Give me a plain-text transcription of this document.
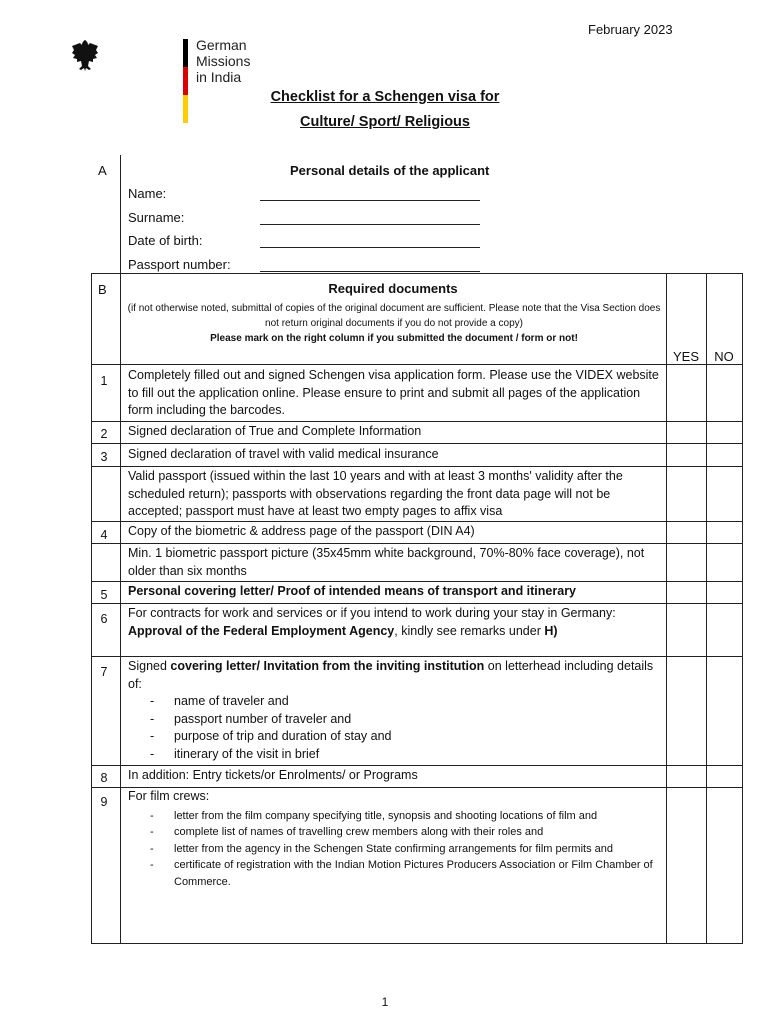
February 2023
German Missions
in India
Checklist for a Schengen visa for
Culture/ Sport/ Religious
A	Personal details of the applicant
Name:
Surname:
Date of birth:
Passport number:
B	Required documents
(if not otherwise noted, submittal of copies of the original document are sufficient. Please note that the Visa Section does not return original documents if you do not provide a copy)
Please mark on the right column if you submitted the document / form or not!
YES	NO
1	Completely filled out and signed Schengen visa application form. Please use the VIDEX website to fill out the application online. Please ensure to print and submit all pages of the application form including the barcodes.
2	Signed declaration of True and Complete Information
3	Signed declaration of travel with valid medical insurance
Valid passport (issued within the last 10 years and with at least 3 months' validity after the scheduled return); passports with observations regarding the front data page will not be accepted; passport must have at least two empty pages to affix visa
4	Copy of the biometric & address page of the passport (DIN A4)
Min. 1 biometric passport picture (35x45mm white background, 70%-80% face coverage), not older than six months
5	Personal covering letter/ Proof of intended means of transport and itinerary
6	For contracts for work and services or if you intend to work during your stay in Germany: Approval of the Federal Employment Agency, kindly see remarks under H)
7	Signed covering letter/ Invitation from the inviting institution on letterhead including details of:
- name of traveler and
- passport number of traveler and
- purpose of trip and duration of stay and
- itinerary of the visit in brief
8	In addition: Entry tickets/or Enrolments/ or Programs
9	For film crews:
- letter from the film company specifying title, synopsis and shooting locations of film and
- complete list of names of travelling crew members along with their roles and
- letter from the agency in the Schengen State confirming arrangements for film permits and
- certificate of registration with the Indian Motion Pictures Producers Association or Film Chamber of Commerce.
1
